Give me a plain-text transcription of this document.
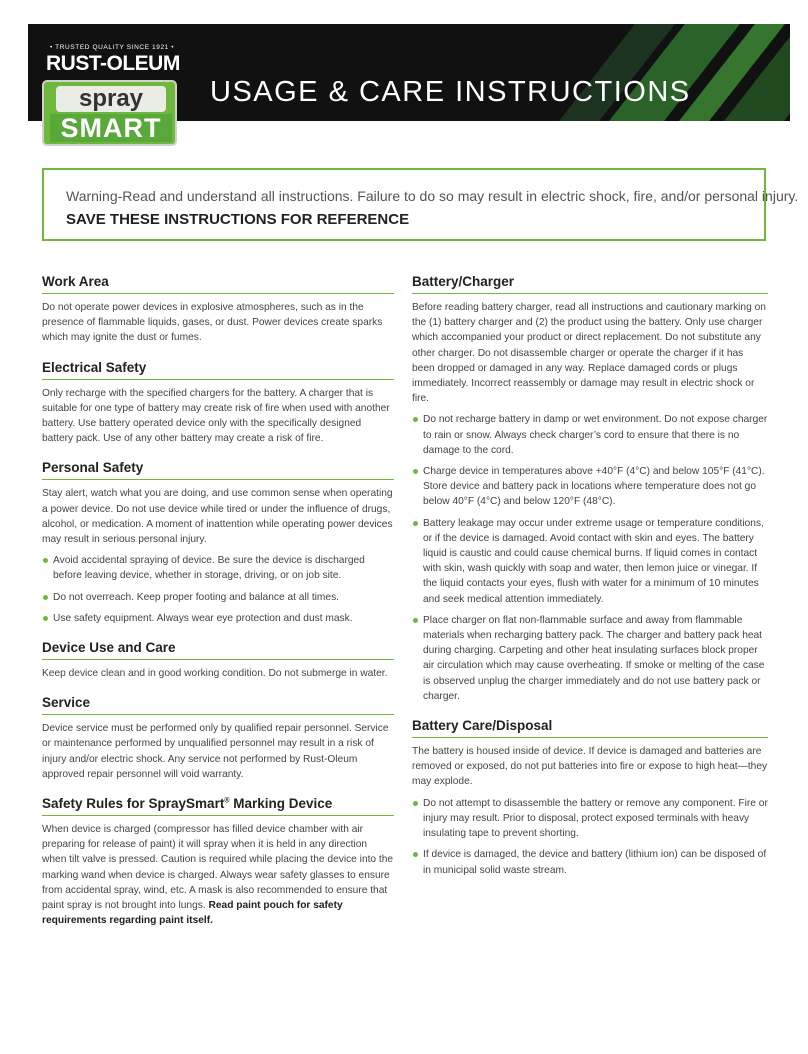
USAGE & CARE INSTRUCTIONS
• TRUSTED QUALITY SINCE 1921 •
RUST-OLEUM
spray
SMART
Warning-Read and understand all instructions. Failure to do so may result in electric shock, fire, and/or personal injury.
SAVE THESE INSTRUCTIONS FOR REFERENCE
Work Area

Do not operate power devices in explosive atmospheres, such as in the presence of flammable liquids, gases, or dust. Power devices create sparks which may ignite the dust or fumes.

Electrical Safety

Only recharge with the specified chargers for the battery. A charger that is suitable for one type of battery may create risk of fire when used with another battery. Use battery operated device only with the specifically designed battery pack. Use of any other battery may create a risk of fire.

Personal Safety

Stay alert, watch what you are doing, and use common sense when operating a power device. Do not use device while tired or under the influence of drugs, alcohol, or medication. A moment of inattention while operating power devices may result in serious personal injury.

Avoid accidental spraying of device. Be sure the device is discharged before leaving device, whether in storage, driving, or on job site.
Do not overreach. Keep proper footing and balance at all times.
Use safety equipment. Always wear eye protection and dust mask.
Device Use and Care

Keep device clean and in good working condition. Do not submerge in water.

Service

Device service must be performed only by qualified repair personnel. Service or maintenance performed by unqualified personnel may result in a risk of injury and/or electric shock. Any service not performed by Rust-Oleum approved repair personnel will void warranty.

Safety Rules for SpraySmart® Marking Device

When device is charged (compressor has filled device chamber with air preparing for release of paint) it will spray when it is held in any direction when tilt valve is pressed. Caution is required while placing the device into the marking wand when device is charged. Always wear safety glasses to ensure from accidental spray, wind, etc. A mask is also recommended to ensure that paint spray is not brought into lungs. Read paint pouch for safety requirements regarding paint itself.

Battery/Charger

Before reading battery charger, read all instructions and cautionary marking on the (1) battery charger and (2) the product using the battery. Only use charger which accompanied your product or direct replacement. Do not substitute any other charger. Do not disassemble charger or operate the charger if it has been dropped or damaged in any way. Replace damaged cords or plugs immediately. Incorrect reassembly or damage may result in electric shock or fire.

Do not recharge battery in damp or wet environment. Do not expose charger to rain or snow. Always check charger’s cord to ensure that there is no damage to the cord.
Charge device in temperatures above +40°F (4°C) and below 105°F (41°C). Store device and battery pack in locations where temperature does not go below 40°F (4°C) and below 120°F (48°C).
Battery leakage may occur under extreme usage or temperature conditions, or if the device is damaged. Avoid contact with skin and eyes. The battery liquid is caustic and could cause chemical burns. If liquid comes in contact with skin, wash quickly with soap and water, then lemon juice or vinegar. If the liquid contacts your eyes, flush with water for a minimum of 10 minutes and seek medical attention immediately.
Place charger on flat non-flammable surface and away from flammable materials when recharging battery pack. The charger and battery pack heat during charging. Carpeting and other heat insulating surfaces block proper air circulation which may cause overheating. If smoke or melting of the case is observed unplug the charger immediately and do not use battery pack or charger.
Battery Care/Disposal

The battery is housed inside of device. If device is damaged and batteries are removed or exposed, do not put batteries into fire or expose to high heat—they may explode.

Do not attempt to disassemble the battery or remove any component. Fire or injury may result. Prior to disposal, protect exposed terminals with heavy insulating tape to prevent shorting.
If device is damaged, the device and battery (lithium ion) can be disposed of in municipal solid waste stream.
